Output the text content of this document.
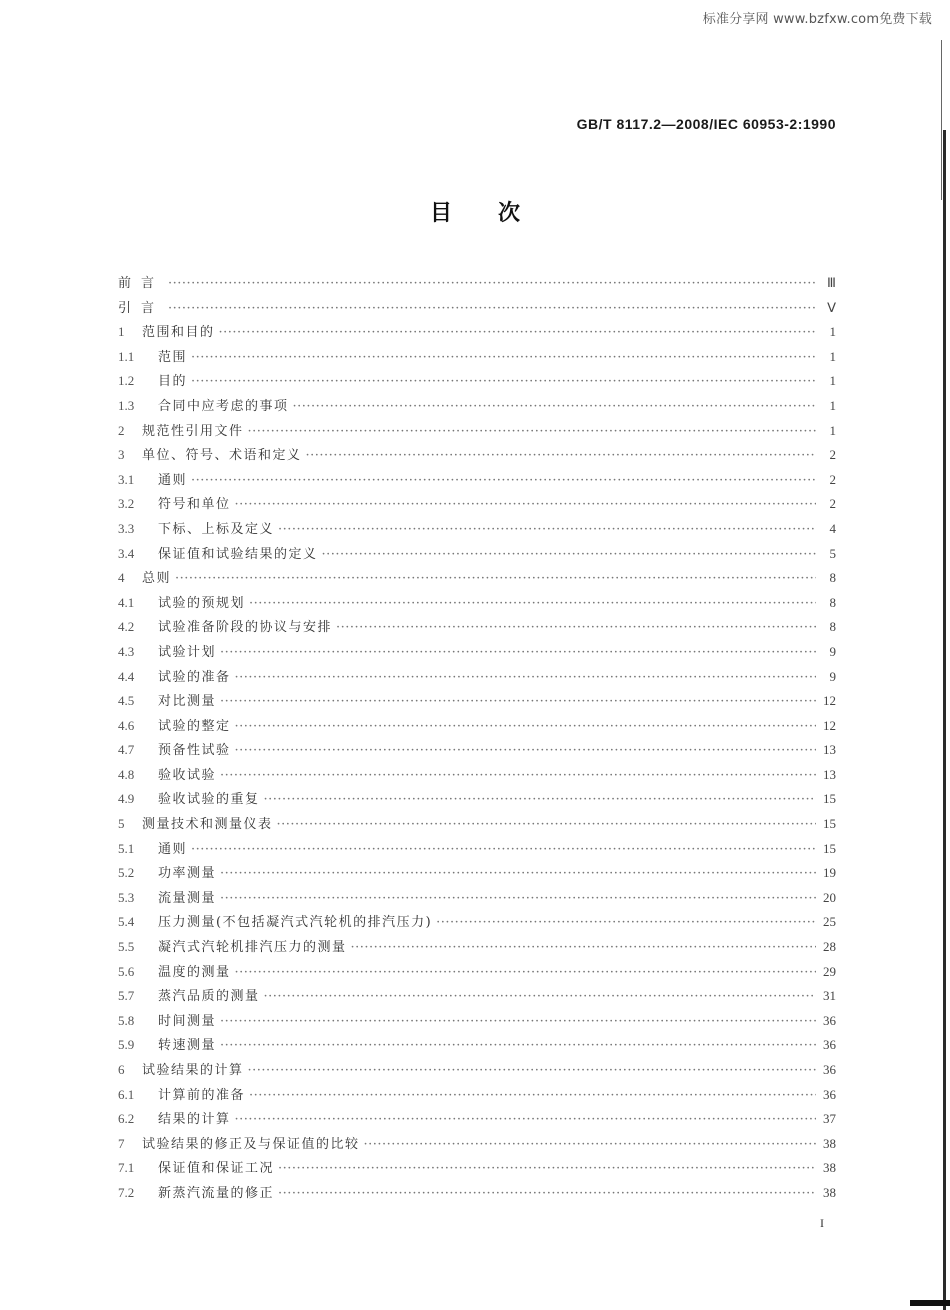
标准分享网 www.bzfxw.com免费下载
GB/T 8117.2—2008/IEC 60953-2:1990
目次
前言 ·····	Ⅲ
引言 ·····	Ⅴ
1	范围和目的 ·····	1
1.1	范围 ·····	1
1.2	目的 ·····	1
1.3	合同中应考虑的事项 ·····	1
2	规范性引用文件 ·····	1
3	单位、符号、术语和定义 ·····	2
3.1	通则 ·····	2
3.2	符号和单位 ·····	2
3.3	下标、上标及定义 ·····	4
3.4	保证值和试验结果的定义 ·····	5
4	总则 ·····	8
4.1	试验的预规划 ·····	8
4.2	试验准备阶段的协议与安排 ·····	8
4.3	试验计划 ·····	9
4.4	试验的准备 ·····	9
4.5	对比测量 ·····	12
4.6	试验的整定 ·····	12
4.7	预备性试验 ·····	13
4.8	验收试验 ·····	13
4.9	验收试验的重复 ·····	15
5	测量技术和测量仪表 ·····	15
5.1	通则 ·····	15
5.2	功率测量 ·····	19
5.3	流量测量 ·····	20
5.4	压力测量(不包括凝汽式汽轮机的排汽压力) ·····	25
5.5	凝汽式汽轮机排汽压力的测量 ·····	28
5.6	温度的测量 ·····	29
5.7	蒸汽品质的测量 ·····	31
5.8	时间测量 ·····	36
5.9	转速测量 ·····	36
6	试验结果的计算 ·····	36
6.1	计算前的准备 ·····	36
6.2	结果的计算 ·····	37
7	试验结果的修正及与保证值的比较 ·····	38
7.1	保证值和保证工况 ·····	38
7.2	新蒸汽流量的修正 ·····	38
I
